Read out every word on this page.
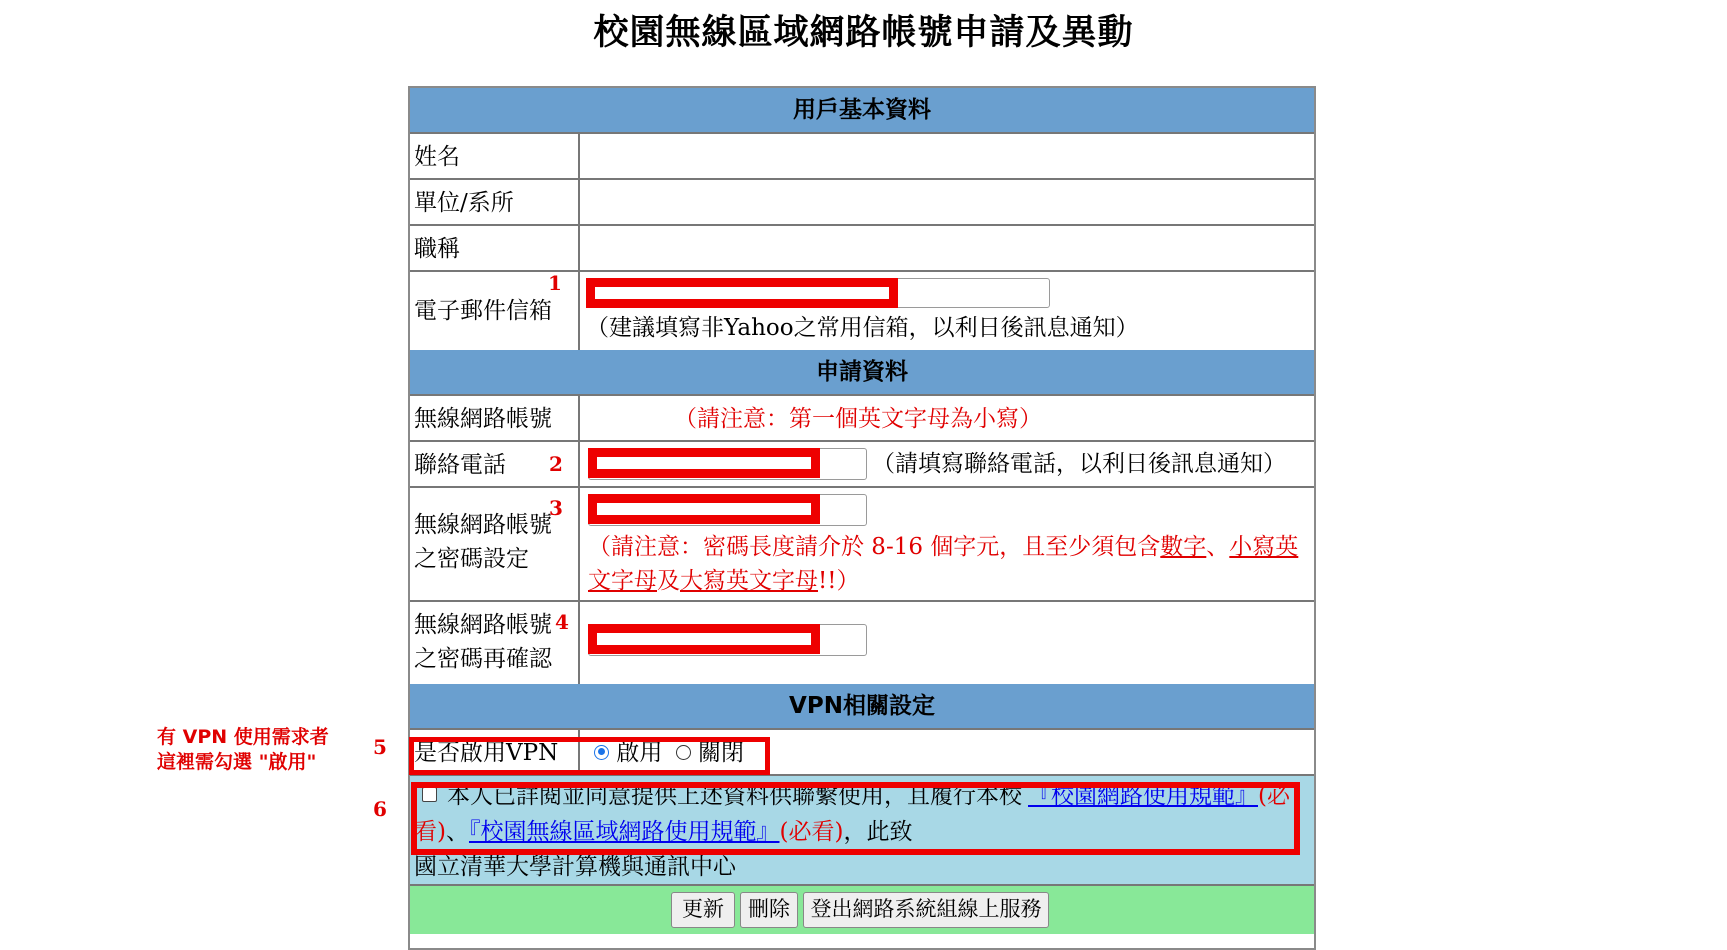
校園無線區域網路帳號申請及異動
用戶基本資料
姓名
單位/系所
職稱
電子郵件信箱
（建議填寫非Yahoo之常用信箱，以利日後訊息通知）
申請資料
無線網路帳號	（請注意：第一個英文字母為小寫）
聯絡電話	（請填寫聯絡電話，以利日後訊息通知）
無線網路帳號
之密碼設定	（請注意：密碼長度請介於 8-16 個字元，且至少須包含數字、小寫英文字母及大寫英文字母!!）
無線網路帳號
之密碼再確認
VPN相關設定
是否啟用VPN	啟用 關閉
本人已詳閱並同意提供上述資料供聯繫使用，且履行本校 『校園網路使用規範』(必看)、『校園無線區域網路使用規範』(必看)，此致
國立清華大學計算機與通訊中心
更新	刪除 登出網路系統組線上服務
1
2
3
4
5
6
有 VPN 使用需求者
這裡需勾選 "啟用"
